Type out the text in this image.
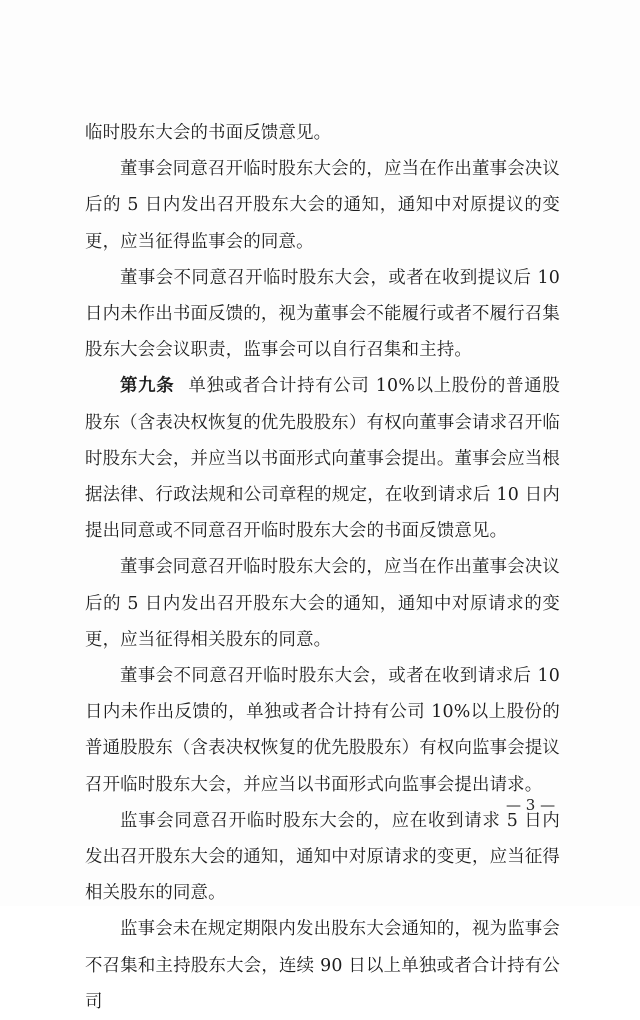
临时股东大会的书面反馈意见。

董事会同意召开临时股东大会的，应当在作出董事会决议后的 5 日内发出召开股东大会的通知，通知中对原提议的变更，应当征得监事会的同意。

董事会不同意召开临时股东大会，或者在收到提议后 10 日内未作出书面反馈的，视为董事会不能履行或者不履行召集股东大会会议职责，监事会可以自行召集和主持。

第九条 单独或者合计持有公司 10%以上股份的普通股股东（含表决权恢复的优先股股东）有权向董事会请求召开临时股东大会，并应当以书面形式向董事会提出。董事会应当根据法律、行政法规和公司章程的规定，在收到请求后 10 日内提出同意或不同意召开临时股东大会的书面反馈意见。

董事会同意召开临时股东大会的，应当在作出董事会决议后的 5 日内发出召开股东大会的通知，通知中对原请求的变更，应当征得相关股东的同意。

董事会不同意召开临时股东大会，或者在收到请求后 10 日内未作出反馈的，单独或者合计持有公司 10%以上股份的普通股股东（含表决权恢复的优先股股东）有权向监事会提议召开临时股东大会，并应当以书面形式向监事会提出请求。

监事会同意召开临时股东大会的，应在收到请求 5 日内发出召开股东大会的通知，通知中对原请求的变更，应当征得相关股东的同意。

监事会未在规定期限内发出股东大会通知的，视为监事会不召集和主持股东大会，连续 90 日以上单独或者合计持有公司

— 3 —
